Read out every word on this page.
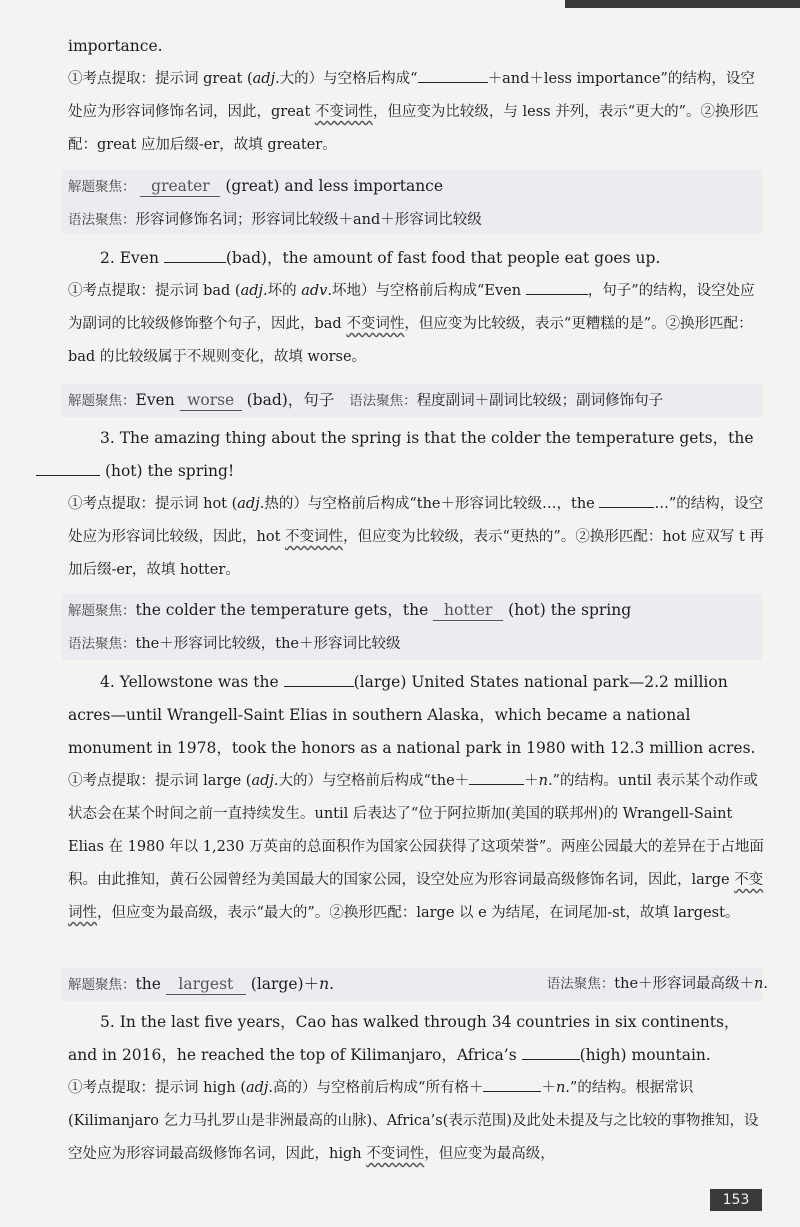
importance.

①考点提取：提示词 great (adj.大的）与空格后构成“	＋and＋less importance”的结构，设空处应为形容词修饰名词，因此，great 不变词性，但应变为比较级，与 less 并列，表示“更大的”。②换形匹配：great 应加后缀-er，故填 greater。

解题聚焦： greater (great) and less importance

语法聚焦：形容词修饰名词；形容词比较级＋and＋形容词比较级

2. Even	(bad)，the amount of fast food that people eat goes up.

①考点提取：提示词 bad (adj.坏的 adv.坏地）与空格前后构成“Even	，句子”的结构，设空处应为副词的比较级修饰整个句子，因此，bad 不变词性，但应变为比较级，表示“更糟糕的是”。②换形匹配：bad 的比较级属于不规则变化，故填 worse。

解题聚焦：Even worse (bad)，句子 语法聚焦：程度副词＋副词比较级；副词修饰句子

3. The amazing thing about the spring is that the colder the temperature gets，the
(hot) the spring!

①考点提取：提示词 hot (adj.热的）与空格前后构成“the＋形容词比较级…，the	…”的结构，设空处应为形容词比较级，因此，hot 不变词性，但应变为比较级，表示“更热的”。②换形匹配：hot 应双写 t 再加后缀-er，故填 hotter。

解题聚焦：the colder the temperature gets，the hotter (hot) the spring

语法聚焦：the＋形容词比较级，the＋形容词比较级

4. Yellowstone was the	(large) United States national park—2.2 million acres—until Wrangell-Saint Elias in southern Alaska，which became a national monument in 1978，took the honors as a national park in 1980 with 12.3 million acres.

①考点提取：提示词 large (adj.大的）与空格前后构成“the＋	＋n.”的结构。until 表示某个动作或状态会在某个时间之前一直持续发生。until 后表达了“位于阿拉斯加(美国的联邦州)的 Wrangell-Saint Elias 在 1980 年以 1,230 万英亩的总面积作为国家公园获得了这项荣誉”。两座公园最大的差异在于占地面积。由此推知，黄石公园曾经为美国最大的国家公园，设空处应为形容词最高级修饰名词，因此，large 不变词性，但应变为最高级，表示“最大的”。②换形匹配：large 以 e 为结尾，在词尾加-st，故填 largest。

解题聚焦：the largest (large)＋n.	语法聚焦：the＋形容词最高级＋n.

5. In the last five years，Cao has walked through 34 countries in six continents，and in 2016，he reached the top of Kilimanjaro，Africa’s	(high) mountain.

①考点提取：提示词 high (adj.高的）与空格前后构成“所有格＋	＋n.”的结构。根据常识(Kilimanjaro 乞力马扎罗山是非洲最高的山脉)、Africa’s(表示范围)及此处未提及与之比较的事物推知，设空处应为形容词最高级修饰名词，因此，high 不变词性，但应变为最高级，

153
